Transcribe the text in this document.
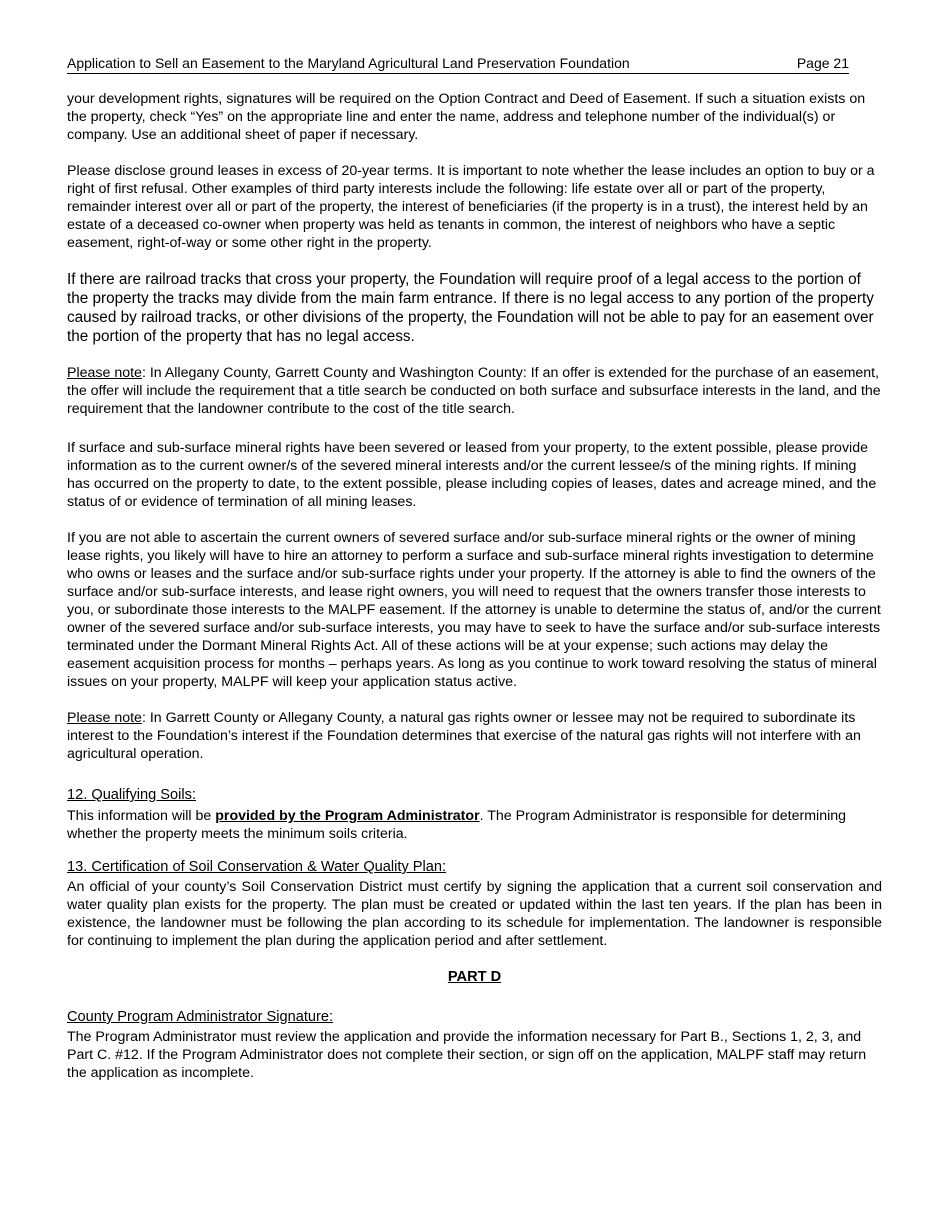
Application to Sell an Easement to the Maryland Agricultural Land Preservation Foundation	Page 21

your development rights, signatures will be required on the Option Contract and Deed of Easement. If such a situation exists on the property, check “Yes” on the appropriate line and enter the name, address and telephone number of the individual(s) or company. Use an additional sheet of paper if necessary.

Please disclose ground leases in excess of 20-year terms. It is important to note whether the lease includes an option to buy or a right of first refusal. Other examples of third party interests include the following: life estate over all or part of the property, remainder interest over all or part of the property, the interest of beneficiaries (if the property is in a trust), the interest held by an estate of a deceased co-owner when property was held as tenants in common, the interest of neighbors who have a septic easement, right-of-way or some other right in the property.

If there are railroad tracks that cross your property, the Foundation will require proof of a legal access to the portion of the property the tracks may divide from the main farm entrance. If there is no legal access to any portion of the property caused by railroad tracks, or other divisions of the property, the Foundation will not be able to pay for an easement over the portion of the property that has no legal access.

Please note: In Allegany County, Garrett County and Washington County: If an offer is extended for the purchase of an easement, the offer will include the requirement that a title search be conducted on both surface and subsurface interests in the land, and the requirement that the landowner contribute to the cost of the title search.

If surface and sub-surface mineral rights have been severed or leased from your property, to the extent possible, please provide information as to the current owner/s of the severed mineral interests and/or the current lessee/s of the mining rights. If mining has occurred on the property to date, to the extent possible, please including copies of leases, dates and acreage mined, and the status of or evidence of termination of all mining leases.

If you are not able to ascertain the current owners of severed surface and/or sub-surface mineral rights or the owner of mining lease rights, you likely will have to hire an attorney to perform a surface and sub-surface mineral rights investigation to determine who owns or leases and the surface and/or sub-surface rights under your property. If the attorney is able to find the owners of the surface and/or sub-surface interests, and lease right owners, you will need to request that the owners transfer those interests to you, or subordinate those interests to the MALPF easement. If the attorney is unable to determine the status of, and/or the current owner of the severed surface and/or sub-surface interests, you may have to seek to have the surface and/or sub-surface interests terminated under the Dormant Mineral Rights Act. All of these actions will be at your expense; such actions may delay the easement acquisition process for months – perhaps years. As long as you continue to work toward resolving the status of mineral issues on your property, MALPF will keep your application status active.

Please note: In Garrett County or Allegany County, a natural gas rights owner or lessee may not be required to subordinate its interest to the Foundation’s interest if the Foundation determines that exercise of the natural gas rights will not interfere with an agricultural operation.

12. Qualifying Soils:

This information will be provided by the Program Administrator. The Program Administrator is responsible for determining whether the property meets the minimum soils criteria.

13. Certification of Soil Conservation & Water Quality Plan:

An official of your county’s Soil Conservation District must certify by signing the application that a current soil conservation and water quality plan exists for the property. The plan must be created or updated within the last ten years. If the plan has been in existence, the landowner must be following the plan according to its schedule for implementation. The landowner is responsible for continuing to implement the plan during the application period and after settlement.

PART D
County Program Administrator Signature:

The Program Administrator must review the application and provide the information necessary for Part B., Sections 1, 2, 3, and Part C. #12. If the Program Administrator does not complete their section, or sign off on the application, MALPF staff may return the application as incomplete.
